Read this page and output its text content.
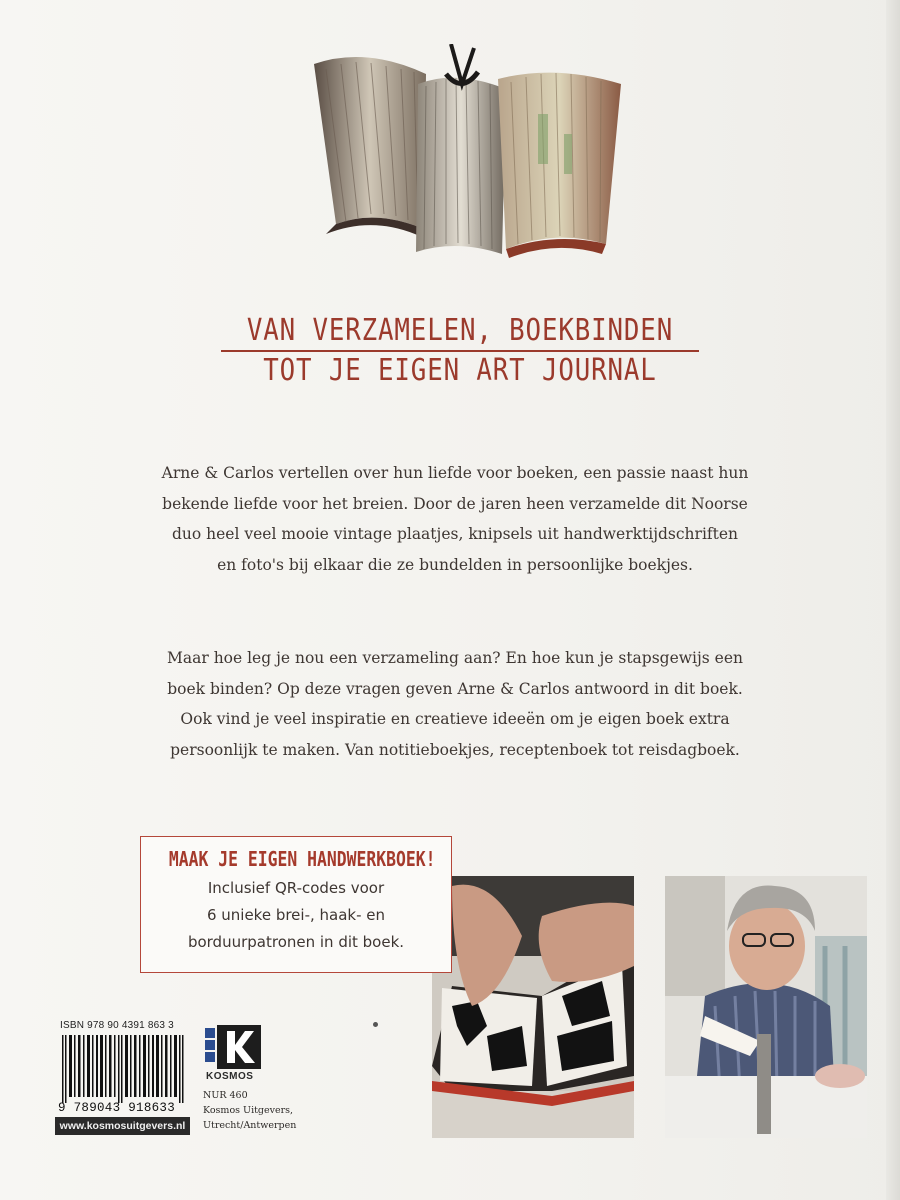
VAN VERZAMELEN, BOEKBINDEN
TOT JE EIGEN ART JOURNAL
Arne & Carlos vertellen over hun liefde voor boeken, een passie naast hun
bekende liefde voor het breien. Door de jaren heen verzamelde dit Noorse
duo heel veel mooie vintage plaatjes, knipsels uit handwerktijdschriften
en foto's bij elkaar die ze bundelden in persoonlijke boekjes.
Maar hoe leg je nou een verzameling aan? En hoe kun je stapsgewijs een
boek binden? Op deze vragen geven Arne & Carlos antwoord in dit boek.
Ook vind je veel inspiratie en creatieve ideeën om je eigen boek extra
persoonlijk te maken. Van notitieboekjes, receptenboek tot reisdagboek.
MAAK JE EIGEN HANDWERKBOEK!
Inclusief QR-codes voor
6 unieke brei-, haak- en
borduurpatronen in dit boek.
ISBN 978 90 4391 863 3
9 789043 918633
www.kosmosuitgevers.nl
KOSMOS
NUR 460
Kosmos Uitgevers,
Utrecht/Antwerpen
